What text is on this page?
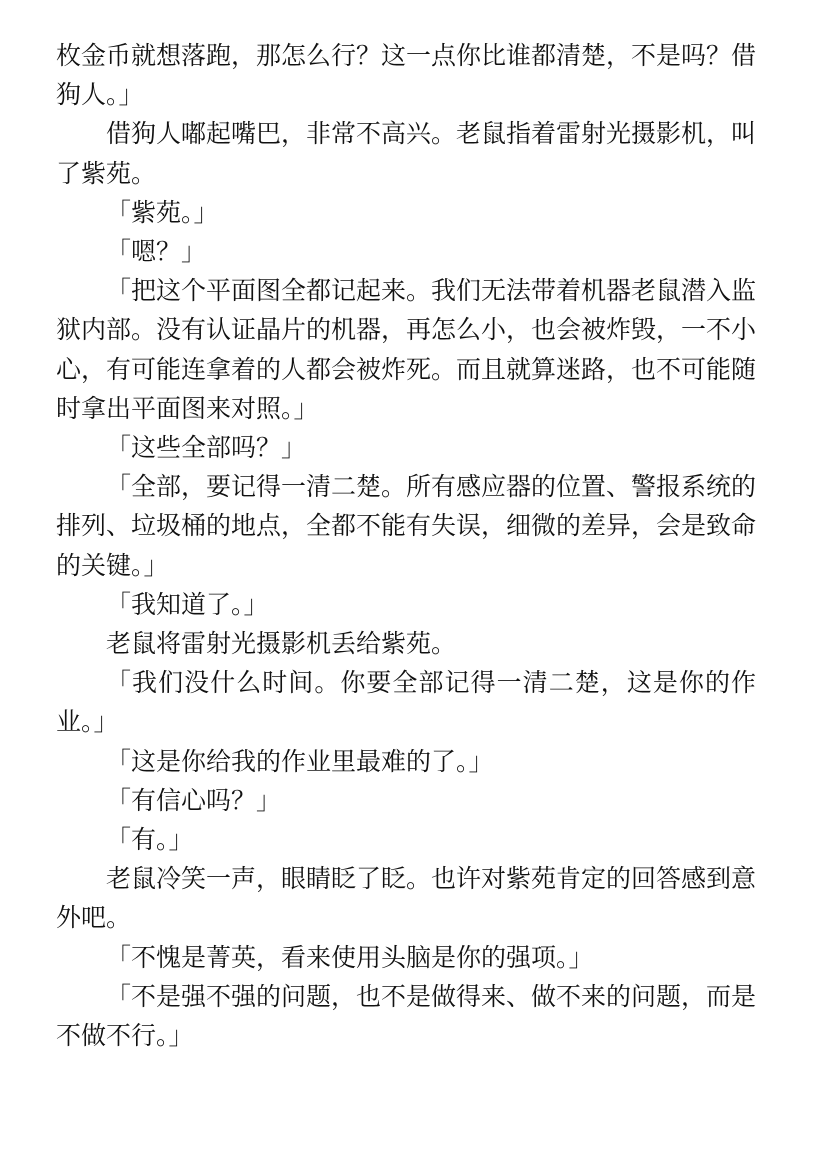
枚金币就想落跑，那怎么行？这一点你比谁都清楚，不是吗？借狗人。」

借狗人嘟起嘴巴，非常不高兴。老鼠指着雷射光摄影机，叫了紫苑。

「紫苑。」

「嗯？」

「把这个平面图全都记起来。我们无法带着机器老鼠潜入监狱内部。没有认证晶片的机器，再怎么小，也会被炸毁，一不小心，有可能连拿着的人都会被炸死。而且就算迷路，也不可能随时拿出平面图来对照。」

「这些全部吗？」

「全部，要记得一清二楚。所有感应器的位置、警报系统的排列、垃圾桶的地点，全都不能有失误，细微的差异，会是致命的关键。」

「我知道了。」

老鼠将雷射光摄影机丢给紫苑。

「我们没什么时间。你要全部记得一清二楚，这是你的作业。」

「这是你给我的作业里最难的了。」

「有信心吗？」

「有。」

老鼠冷笑一声，眼睛眨了眨。也许对紫苑肯定的回答感到意外吧。

「不愧是菁英，看来使用头脑是你的强项。」

「不是强不强的问题，也不是做得来、做不来的问题，而是不做不行。」
